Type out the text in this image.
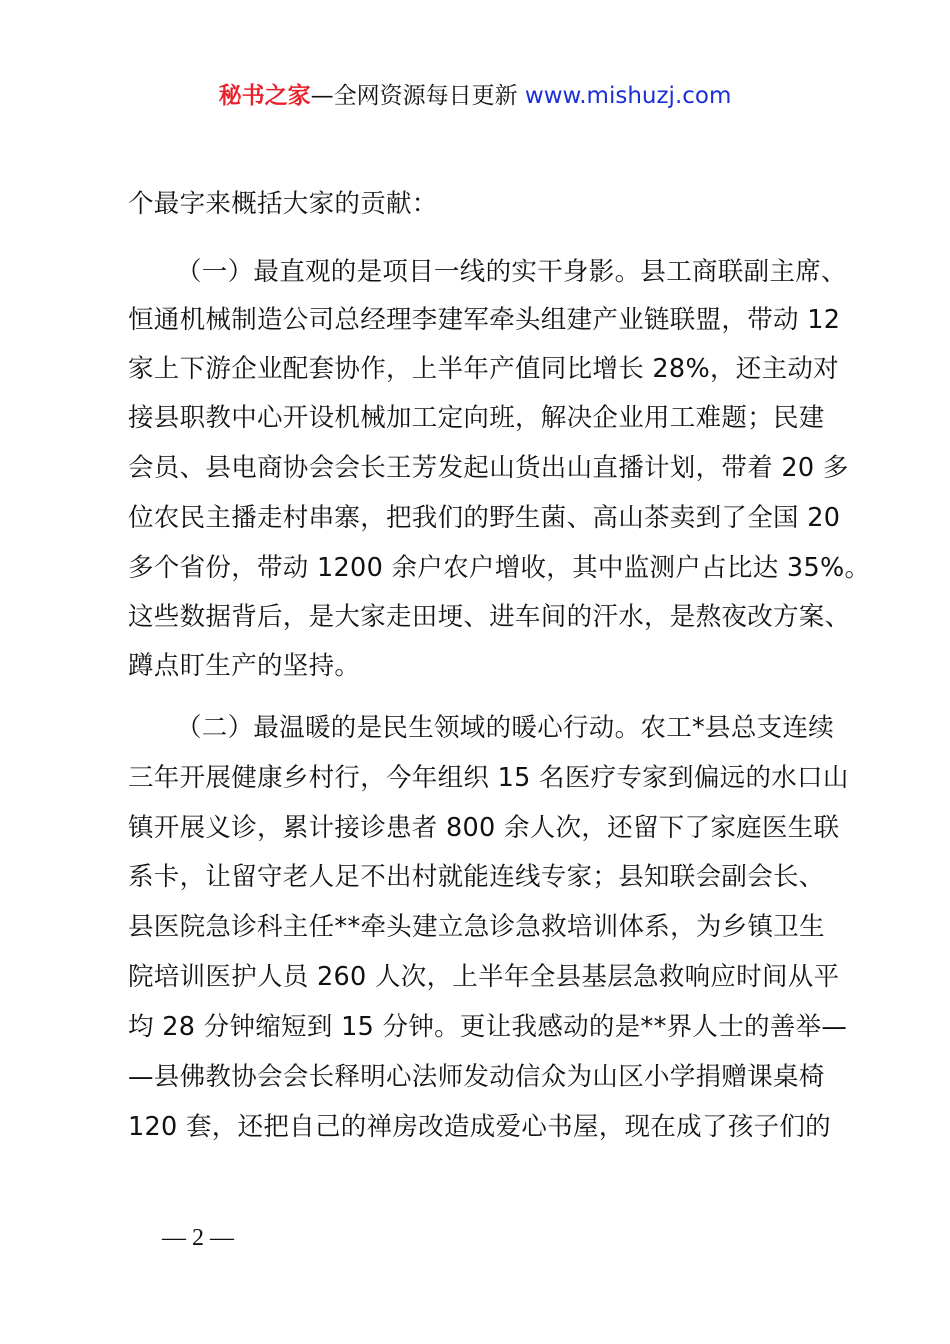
秘书之家—全网资源每日更新 www.mishuzj.com
个最字来概括大家的贡献：
（一）最直观的是项目一线的实干身影。县工商联副主席、
恒通机械制造公司总经理李建军牵头组建产业链联盟，带动 12
家上下游企业配套协作，上半年产值同比增长 28%，还主动对
接县职教中心开设机械加工定向班，解决企业用工难题；民建
会员、县电商协会会长王芳发起山货出山直播计划，带着 20 多
位农民主播走村串寨，把我们的野生菌、高山茶卖到了全国 20
多个省份，带动 1200 余户农户增收，其中监测户占比达 35%。
这些数据背后，是大家走田埂、进车间的汗水，是熬夜改方案、
蹲点盯生产的坚持。
（二）最温暖的是民生领域的暖心行动。农工*县总支连续
三年开展健康乡村行，今年组织 15 名医疗专家到偏远的水口山
镇开展义诊，累计接诊患者 800 余人次，还留下了家庭医生联
系卡，让留守老人足不出村就能连线专家；县知联会副会长、
县医院急诊科主任**牵头建立急诊急救培训体系，为乡镇卫生
院培训医护人员 260 人次，上半年全县基层急救响应时间从平
均 28 分钟缩短到 15 分钟。更让我感动的是**界人士的善举—
—县佛教协会会长释明心法师发动信众为山区小学捐赠课桌椅
120 套，还把自己的禅房改造成爱心书屋，现在成了孩子们的
— 2 —
